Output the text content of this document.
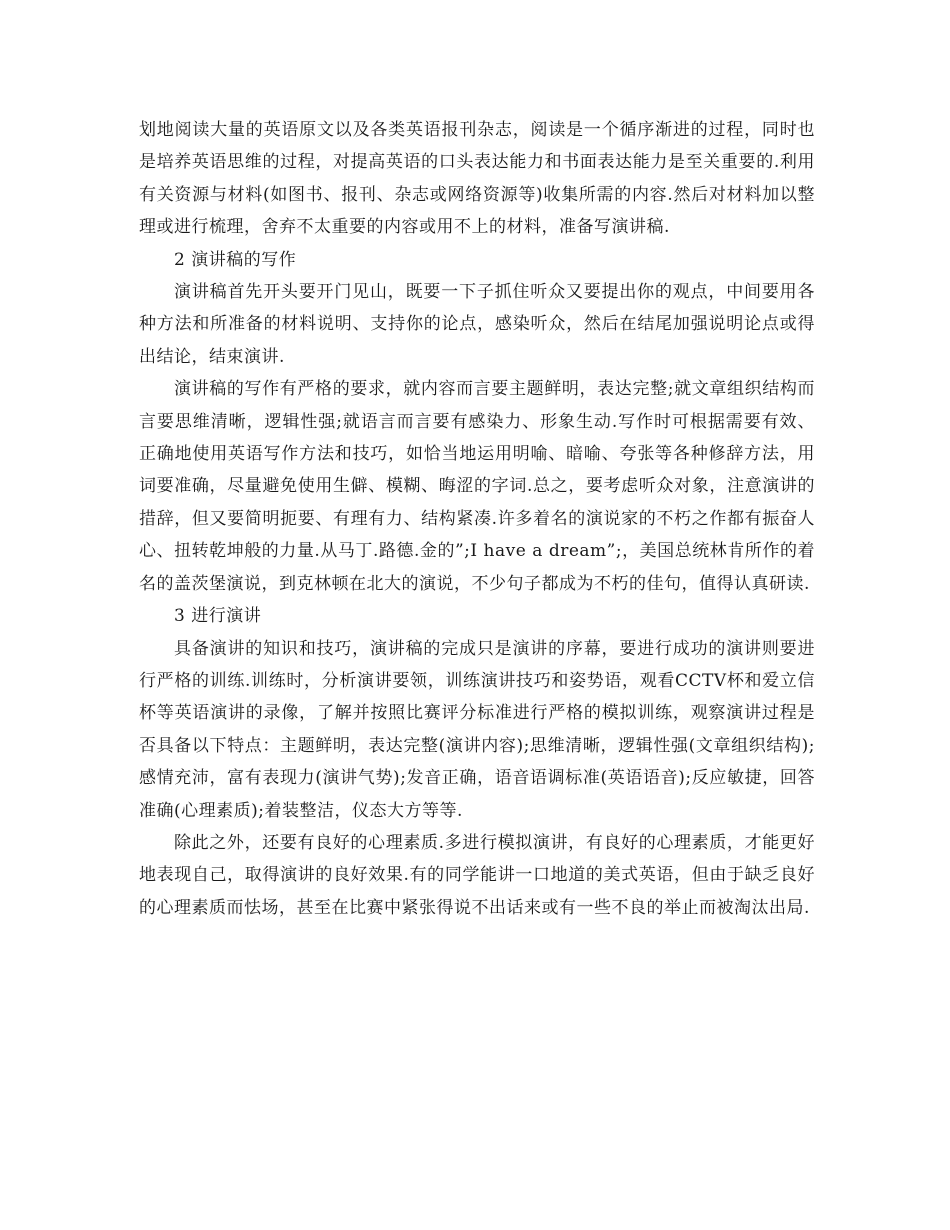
划地阅读大量的英语原文以及各类英语报刊杂志，阅读是一个循序渐进的过程，同时也是培养英语思维的过程，对提高英语的口头表达能力和书面表达能力是至关重要的.利用有关资源与材料(如图书、报刊、杂志或网络资源等)收集所需的内容.然后对材料加以整理或进行梳理，舍弃不太重要的内容或用不上的材料，准备写演讲稿.

2 演讲稿的写作

演讲稿首先开头要开门见山，既要一下子抓住听众又要提出你的观点，中间要用各种方法和所准备的材料说明、支持你的论点，感染听众，然后在结尾加强说明论点或得出结论，结束演讲.

演讲稿的写作有严格的要求，就内容而言要主题鲜明，表达完整;就文章组织结构而言要思维清晰，逻辑性强;就语言而言要有感染力、形象生动.写作时可根据需要有效、正确地使用英语写作方法和技巧，如恰当地运用明喻、暗喻、夸张等各种修辞方法，用词要准确，尽量避免使用生僻、模糊、晦涩的字词.总之，要考虑听众对象，注意演讲的措辞，但又要简明扼要、有理有力、结构紧凑.许多着名的演说家的不朽之作都有振奋人心、扭转乾坤般的力量.从马丁.路德.金的”;I have a dream”;，美国总统林肯所作的着名的盖茨堡演说，到克林顿在北大的演说，不少句子都成为不朽的佳句，值得认真研读.

3 进行演讲

具备演讲的知识和技巧，演讲稿的完成只是演讲的序幕，要进行成功的演讲则要进行严格的训练.训练时，分析演讲要领，训练演讲技巧和姿势语，观看CCTV杯和爱立信杯等英语演讲的录像，了解并按照比赛评分标准进行严格的模拟训练，观察演讲过程是否具备以下特点：主题鲜明，表达完整(演讲内容);思维清晰，逻辑性强(文章组织结构);感情充沛，富有表现力(演讲气势);发音正确，语音语调标准(英语语音);反应敏捷，回答准确(心理素质);着装整洁，仪态大方等等.

除此之外，还要有良好的心理素质.多进行模拟演讲，有良好的心理素质，才能更好地表现自己，取得演讲的良好效果.有的同学能讲一口地道的美式英语，但由于缺乏良好的心理素质而怯场，甚至在比赛中紧张得说不出话来或有一些不良的举止而被淘汰出局.
